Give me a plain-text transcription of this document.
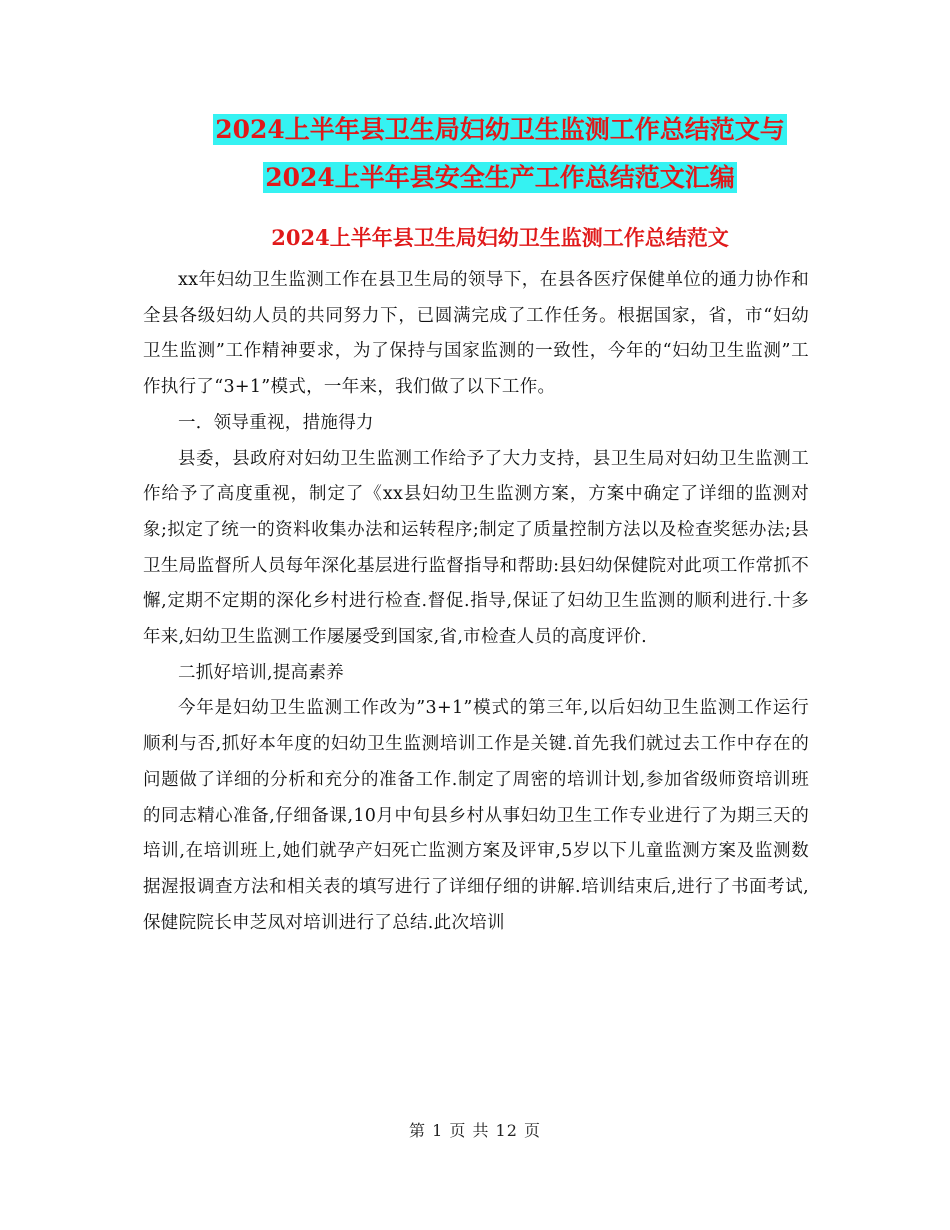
2024上半年县卫生局妇幼卫生监测工作总结范文与
2024上半年县安全生产工作总结范文汇编
2024上半年县卫生局妇幼卫生监测工作总结范文

xx年妇幼卫生监测工作在县卫生局的领导下，在县各医疗保健单位的通力协作和全县各级妇幼人员的共同努力下，已圆满完成了工作任务。根据国家，省，市“妇幼卫生监测”工作精神要求，为了保持与国家监测的一致性，今年的“妇幼卫生监测”工作执行了“3+1”模式，一年来，我们做了以下工作。

一．领导重视，措施得力

县委，县政府对妇幼卫生监测工作给予了大力支持，县卫生局对妇幼卫生监测工作给予了高度重视，制定了《xx县妇幼卫生监测方案，方案中确定了详细的监测对象;拟定了统一的资料收集办法和运转程序;制定了质量控制方法以及检查奖惩办法;县卫生局监督所人员每年深化基层进行监督指导和帮助:县妇幼保健院对此项工作常抓不懈,定期不定期的深化乡村进行检查.督促.指导,保证了妇幼卫生监测的顺利进行.十多年来,妇幼卫生监测工作屡屡受到国家,省,市检查人员的高度评价.

二抓好培训,提高素养

今年是妇幼卫生监测工作改为”3+1”模式的第三年,以后妇幼卫生监测工作运行顺利与否,抓好本年度的妇幼卫生监测培训工作是关键.首先我们就过去工作中存在的问题做了详细的分析和充分的准备工作.制定了周密的培训计划,参加省级师资培训班的同志精心准备,仔细备课,10月中旬县乡村从事妇幼卫生工作专业进行了为期三天的培训,在培训班上,她们就孕产妇死亡监测方案及评审,5岁以下儿童监测方案及监测数据渥报调查方法和相关表的填写进行了详细仔细的讲解.培训结束后,进行了书面考试,保健院院长申芝凤对培训进行了总结.此次培训

第 1 页 共 12 页
